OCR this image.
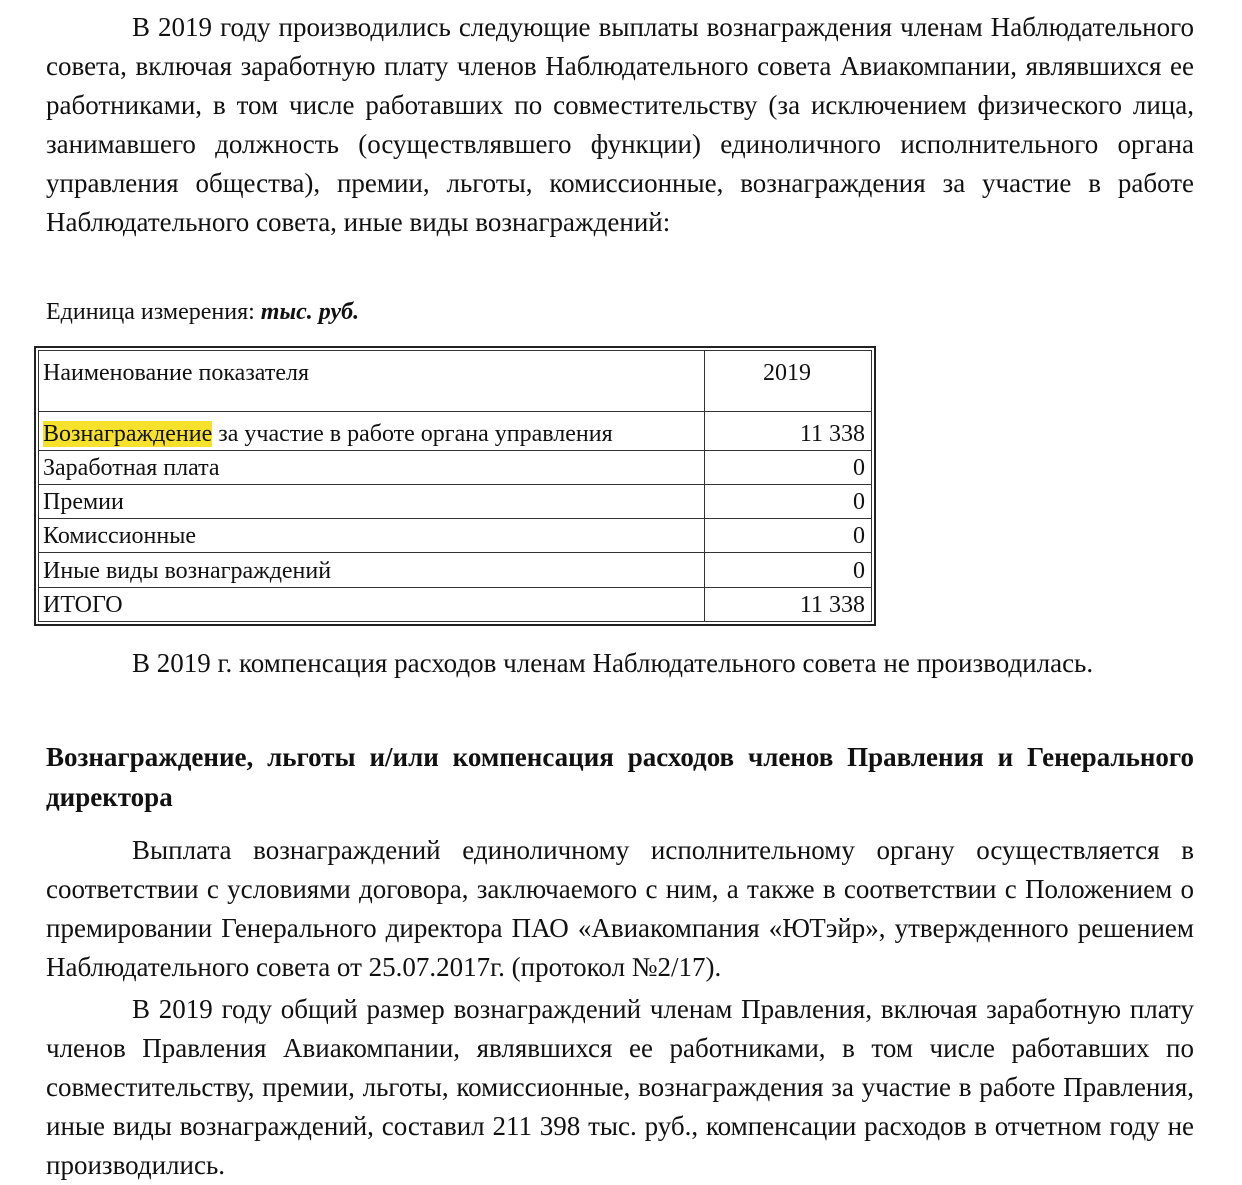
В 2019 году производились следующие выплаты вознаграждения членам Наблюдательного совета, включая заработную плату членов Наблюдательного совета Авиакомпании, являвшихся ее работниками, в том числе работавших по совместительству (за исключением физического лица, занимавшего должность (осуществлявшего функции) единоличного исполнительного органа управления общества), премии, льготы, комиссионные, вознаграждения за участие в работе Наблюдательного совета, иные виды вознаграждений:

Единица измерения: тыс. руб.

Наименование показателя	2019
Вознаграждение за участие в работе органа управления	11 338
Заработная плата	0
Премии	0
Комиссионные	0
Иные виды вознаграждений	0
ИТОГО	11 338

В 2019 г. компенсация расходов членам Наблюдательного совета не производилась.

Вознаграждение, льготы и/или компенсация расходов членов Правления и Генерального директора

Выплата вознаграждений единоличному исполнительному органу осуществляется в соответствии с условиями договора, заключаемого с ним, а также в соответствии с Положением о премировании Генерального директора ПАО «Авиакомпания «ЮТэйр», утвержденного решением Наблюдательного совета от 25.07.2017г. (протокол №2/17).

В 2019 году общий размер вознаграждений членам Правления, включая заработную плату членов Правления Авиакомпании, являвшихся ее работниками, в том числе работавших по совместительству, премии, льготы, комиссионные, вознаграждения за участие в работе Правления, иные виды вознаграждений, составил 211 398 тыс. руб., компенсации расходов в отчетном году не производились.
